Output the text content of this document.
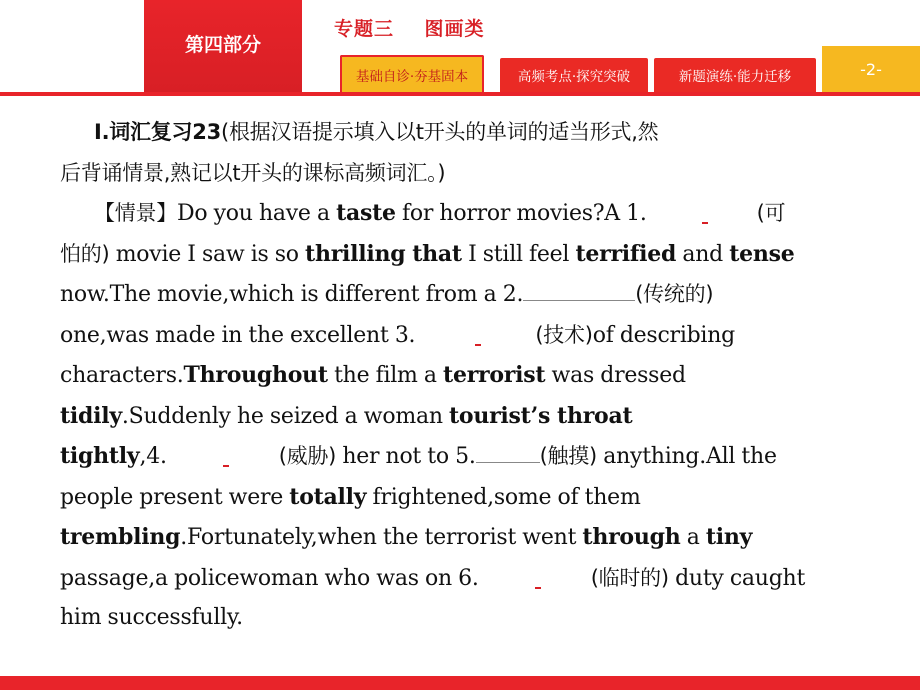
第四部分
专题三    图画类
基础自诊·夯基固本	高频考点·探究突破	新题演练·能力迁移	-2-
Ⅰ.词汇复习23(根据汉语提示填入以t开头的单词的适当形式,然
后背诵情景,熟记以t开头的课标高频词汇。)
【情景】Do you have a taste for horror movies?A 1.	(可
怕的) movie I saw is so thrilling that I still feel terrified and tense
now.The movie,which is different from a 2.	(传统的)
one,was made in the excellent 3.	(技术)of describing
characters.Throughout the film a terrorist was dressed
tidily.Suddenly he seized a woman tourist’s throat
tightly,4.	(威胁) her not to 5.	(触摸) anything.All the
people present were totally frightened,some of them
trembling.Fortunately,when the terrorist went through a tiny
passage,a policewoman who was on 6.	(临时的) duty caught
him successfully.
